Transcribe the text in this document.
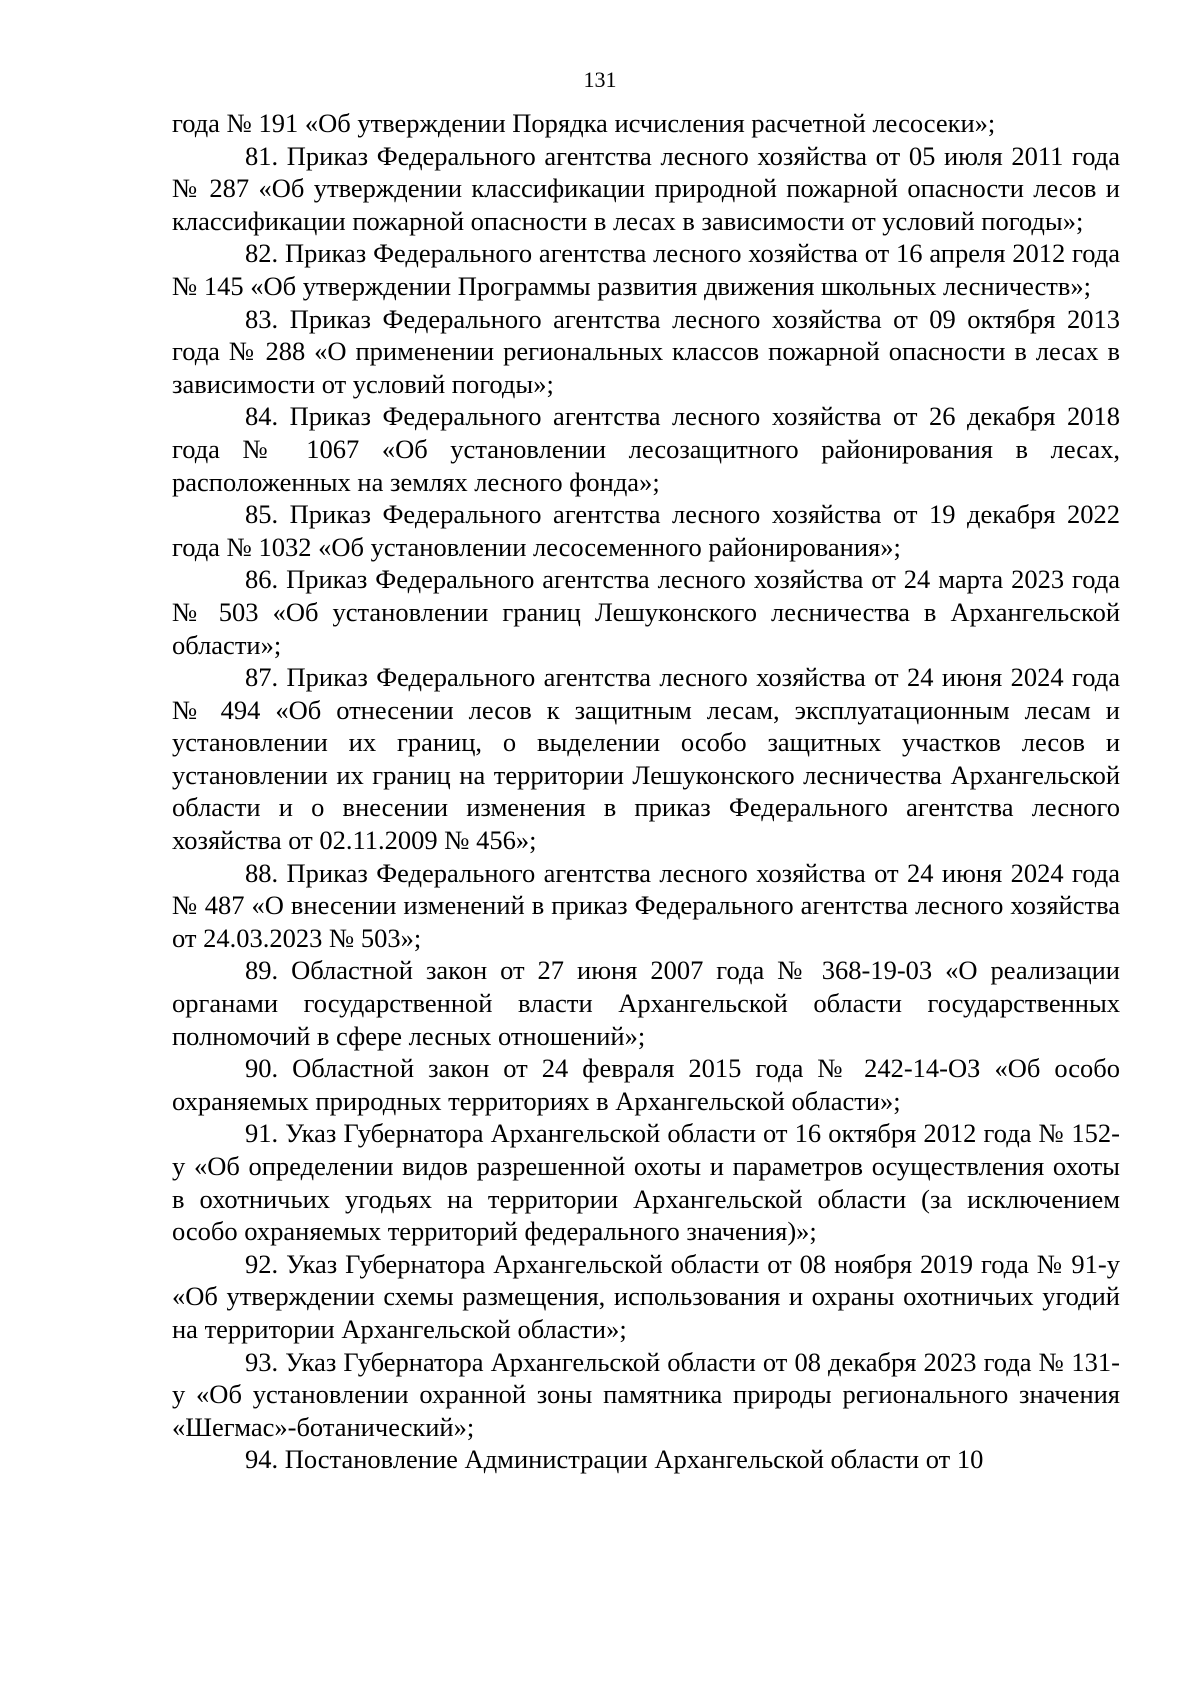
131

года № 191 «Об утверждении Порядка исчисления расчетной лесосеки»;

81. Приказ Федерального агентства лесного хозяйства от 05 июля 2011 года № 287 «Об утверждении классификации природной пожарной опасности лесов и классификации пожарной опасности в лесах в зависимости от условий погоды»;

82. Приказ Федерального агентства лесного хозяйства от 16 апреля 2012 года № 145 «Об утверждении Программы развития движения школьных лесничеств»;

83. Приказ Федерального агентства лесного хозяйства от 09 октября 2013 года № 288 «О применении региональных классов пожарной опасности в лесах в зависимости от условий погоды»;

84. Приказ Федерального агентства лесного хозяйства от 26 декабря 2018 года № 1067 «Об установлении лесозащитного районирования в лесах, расположенных на землях лесного фонда»;

85. Приказ Федерального агентства лесного хозяйства от 19 декабря 2022 года № 1032 «Об установлении лесосеменного районирования»;

86. Приказ Федерального агентства лесного хозяйства от 24 марта 2023 года № 503 «Об установлении границ Лешуконского лесничества в Архангельской области»;

87. Приказ Федерального агентства лесного хозяйства от 24 июня 2024 года № 494 «Об отнесении лесов к защитным лесам, эксплуатационным лесам и установлении их границ, о выделении особо защитных участков лесов и установлении их границ на территории Лешуконского лесничества Архангельской области и о внесении изменения в приказ Федерального агентства лесного хозяйства от 02.11.2009 № 456»;

88. Приказ Федерального агентства лесного хозяйства от 24 июня 2024 года № 487 «О внесении изменений в приказ Федерального агентства лесного хозяйства от 24.03.2023 № 503»;

89. Областной закон от 27 июня 2007 года № 368-19-03 «О реализации органами государственной власти Архангельской области государственных полномочий в сфере лесных отношений»;

90. Областной закон от 24 февраля 2015 года № 242-14-ОЗ «Об особо охраняемых природных территориях в Архангельской области»;

91. Указ Губернатора Архангельской области от 16 октября 2012 года № 152-у «Об определении видов разрешенной охоты и параметров осуществления охоты в охотничьих угодьях на территории Архангельской области (за исключением особо охраняемых территорий федерального значения)»;

92. Указ Губернатора Архангельской области от 08 ноября 2019 года № 91-у «Об утверждении схемы размещения, использования и охраны охотничьих угодий на территории Архангельской области»;

93. Указ Губернатора Архангельской области от 08 декабря 2023 года № 131-у «Об установлении охранной зоны памятника природы регионального значения «Шегмас»-ботанический»;

94. Постановление Администрации Архангельской области от 10
